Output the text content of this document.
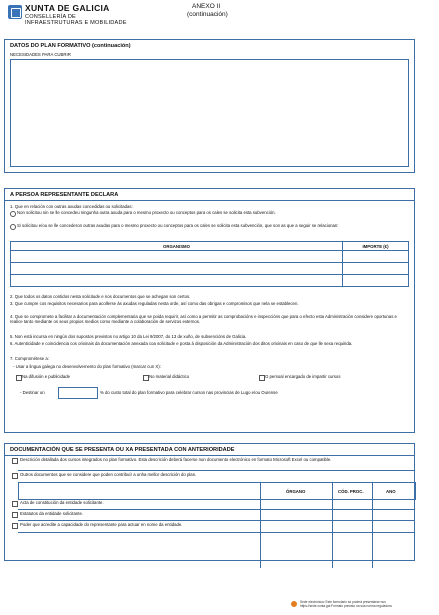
XUNTA DE GALICIA
CONSELLERÍA DE
INFRAESTRUTURAS E MOBILIDADE
ANEXO II
(continuación)
DATOS DO PLAN FORMATIVO (continuación)
NECESIDADES PARA CUBRIR
A PERSOA REPRESENTANTE DECLARA
1. Que en relación con outras axudas concedidas ou solicitadas:
Non solicitou nin se lle concedeu ningunha outra axuda para o mesmo proxecto ou conceptos para os cales se solicita esta subvención.
Si solicitou e/ou se lle concederon outras axudas para o mesmo proxecto ou conceptos para os cales se solicita esta subvención, que son as que a seguir se relacionan:
ORGANISMO	IMPORTE (€)

2. Que todos os datos contidos nesta solicitude e nos documentos que se achegan son certos.
3. Que cumpre cos requisitos necesarios para acollerse ás axudas reguladas nesta orde, así como das obrigas e compromisos que nela se establecen.
4. Que se compromete a facilitar a documentación complementaria que se poida requirir, así como a permitir as comprobacións e inspeccións que para o efecto esta Administración considere oportunas e realice tanto mediante os seus propios medios como mediante a colaboración de servizos externos.
5. Non está incursa en ningún dos supostos previstos no artigo 10 da Lei 9/2007, do 13 de xuño, de subvencións de Galicia.
6. Autenticidade e coincidencia cos orixinais da documentación anexada coa solicitude e posta á disposición da Administración dos ditos orixinais en caso de que lle sexa requirida.
7. Comprométese a:
- Usar a lingua galega no desenvolvemento do plan formativo (marcar cun X):
Na difusión e publicidade	No material didáctico	O persoal encargado de impartir cursos
- Destinar un	% do custo total do plan formativo para celebrar cursos nas provincias de Lugo e/ou Ourense
DOCUMENTACIÓN QUE SE PRESENTA OU XA PRESENTADA CON ANTERIORIDADE
Descrición detallada dos cursos integrados no plan formativo. Esta descrición deberá facerse nun documento electrónico en formato Microsoft Excel ou compatible.
Outros documentos que se considere que poden contribuír a unha mellor descrición do plan.
ÓRGANO	CÓD. PROC.	ANO
Acta de constitución da entidade solicitante.
Estatutos da entidade solicitante.
Poder que acredite a capacidade do representante para actuar en nome da entidade.
Sede electrónica: Este formulario só poderá presentarse nun
https://sede.xunta.gal Formato previsto na súa norma reguladora
